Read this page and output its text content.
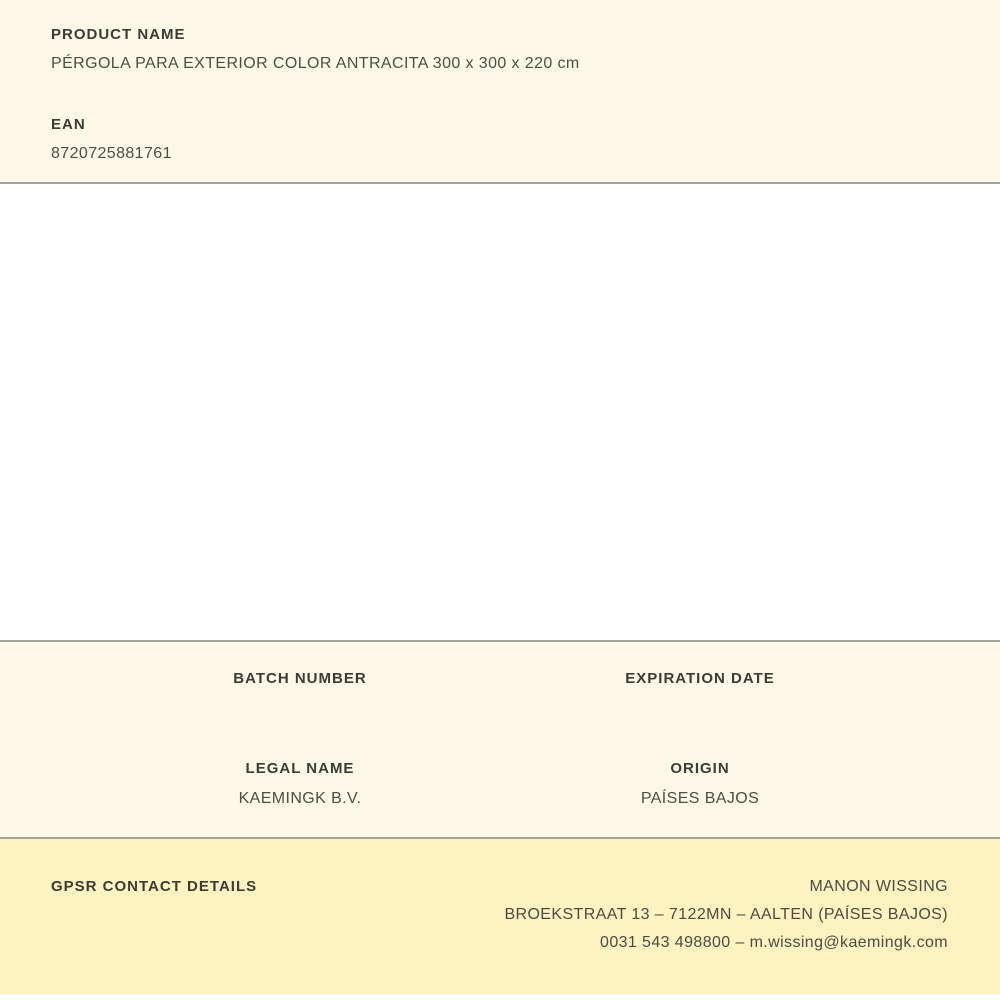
PRODUCT NAME
PÉRGOLA PARA EXTERIOR COLOR ANTRACITA 300 x 300 x 220 cm
EAN
8720725881761
BATCH NUMBER	EXPIRATION DATE
LEGAL NAME
KAEMINGK B.V.
ORIGIN
PAÍSES BAJOS
GPSR CONTACT DETAILS	MANON WISSING
BROEKSTRAAT 13 – 7122MN – AALTEN (PAÍSES BAJOS)
0031 543 498800 – m.wissing@kaemingk.com
